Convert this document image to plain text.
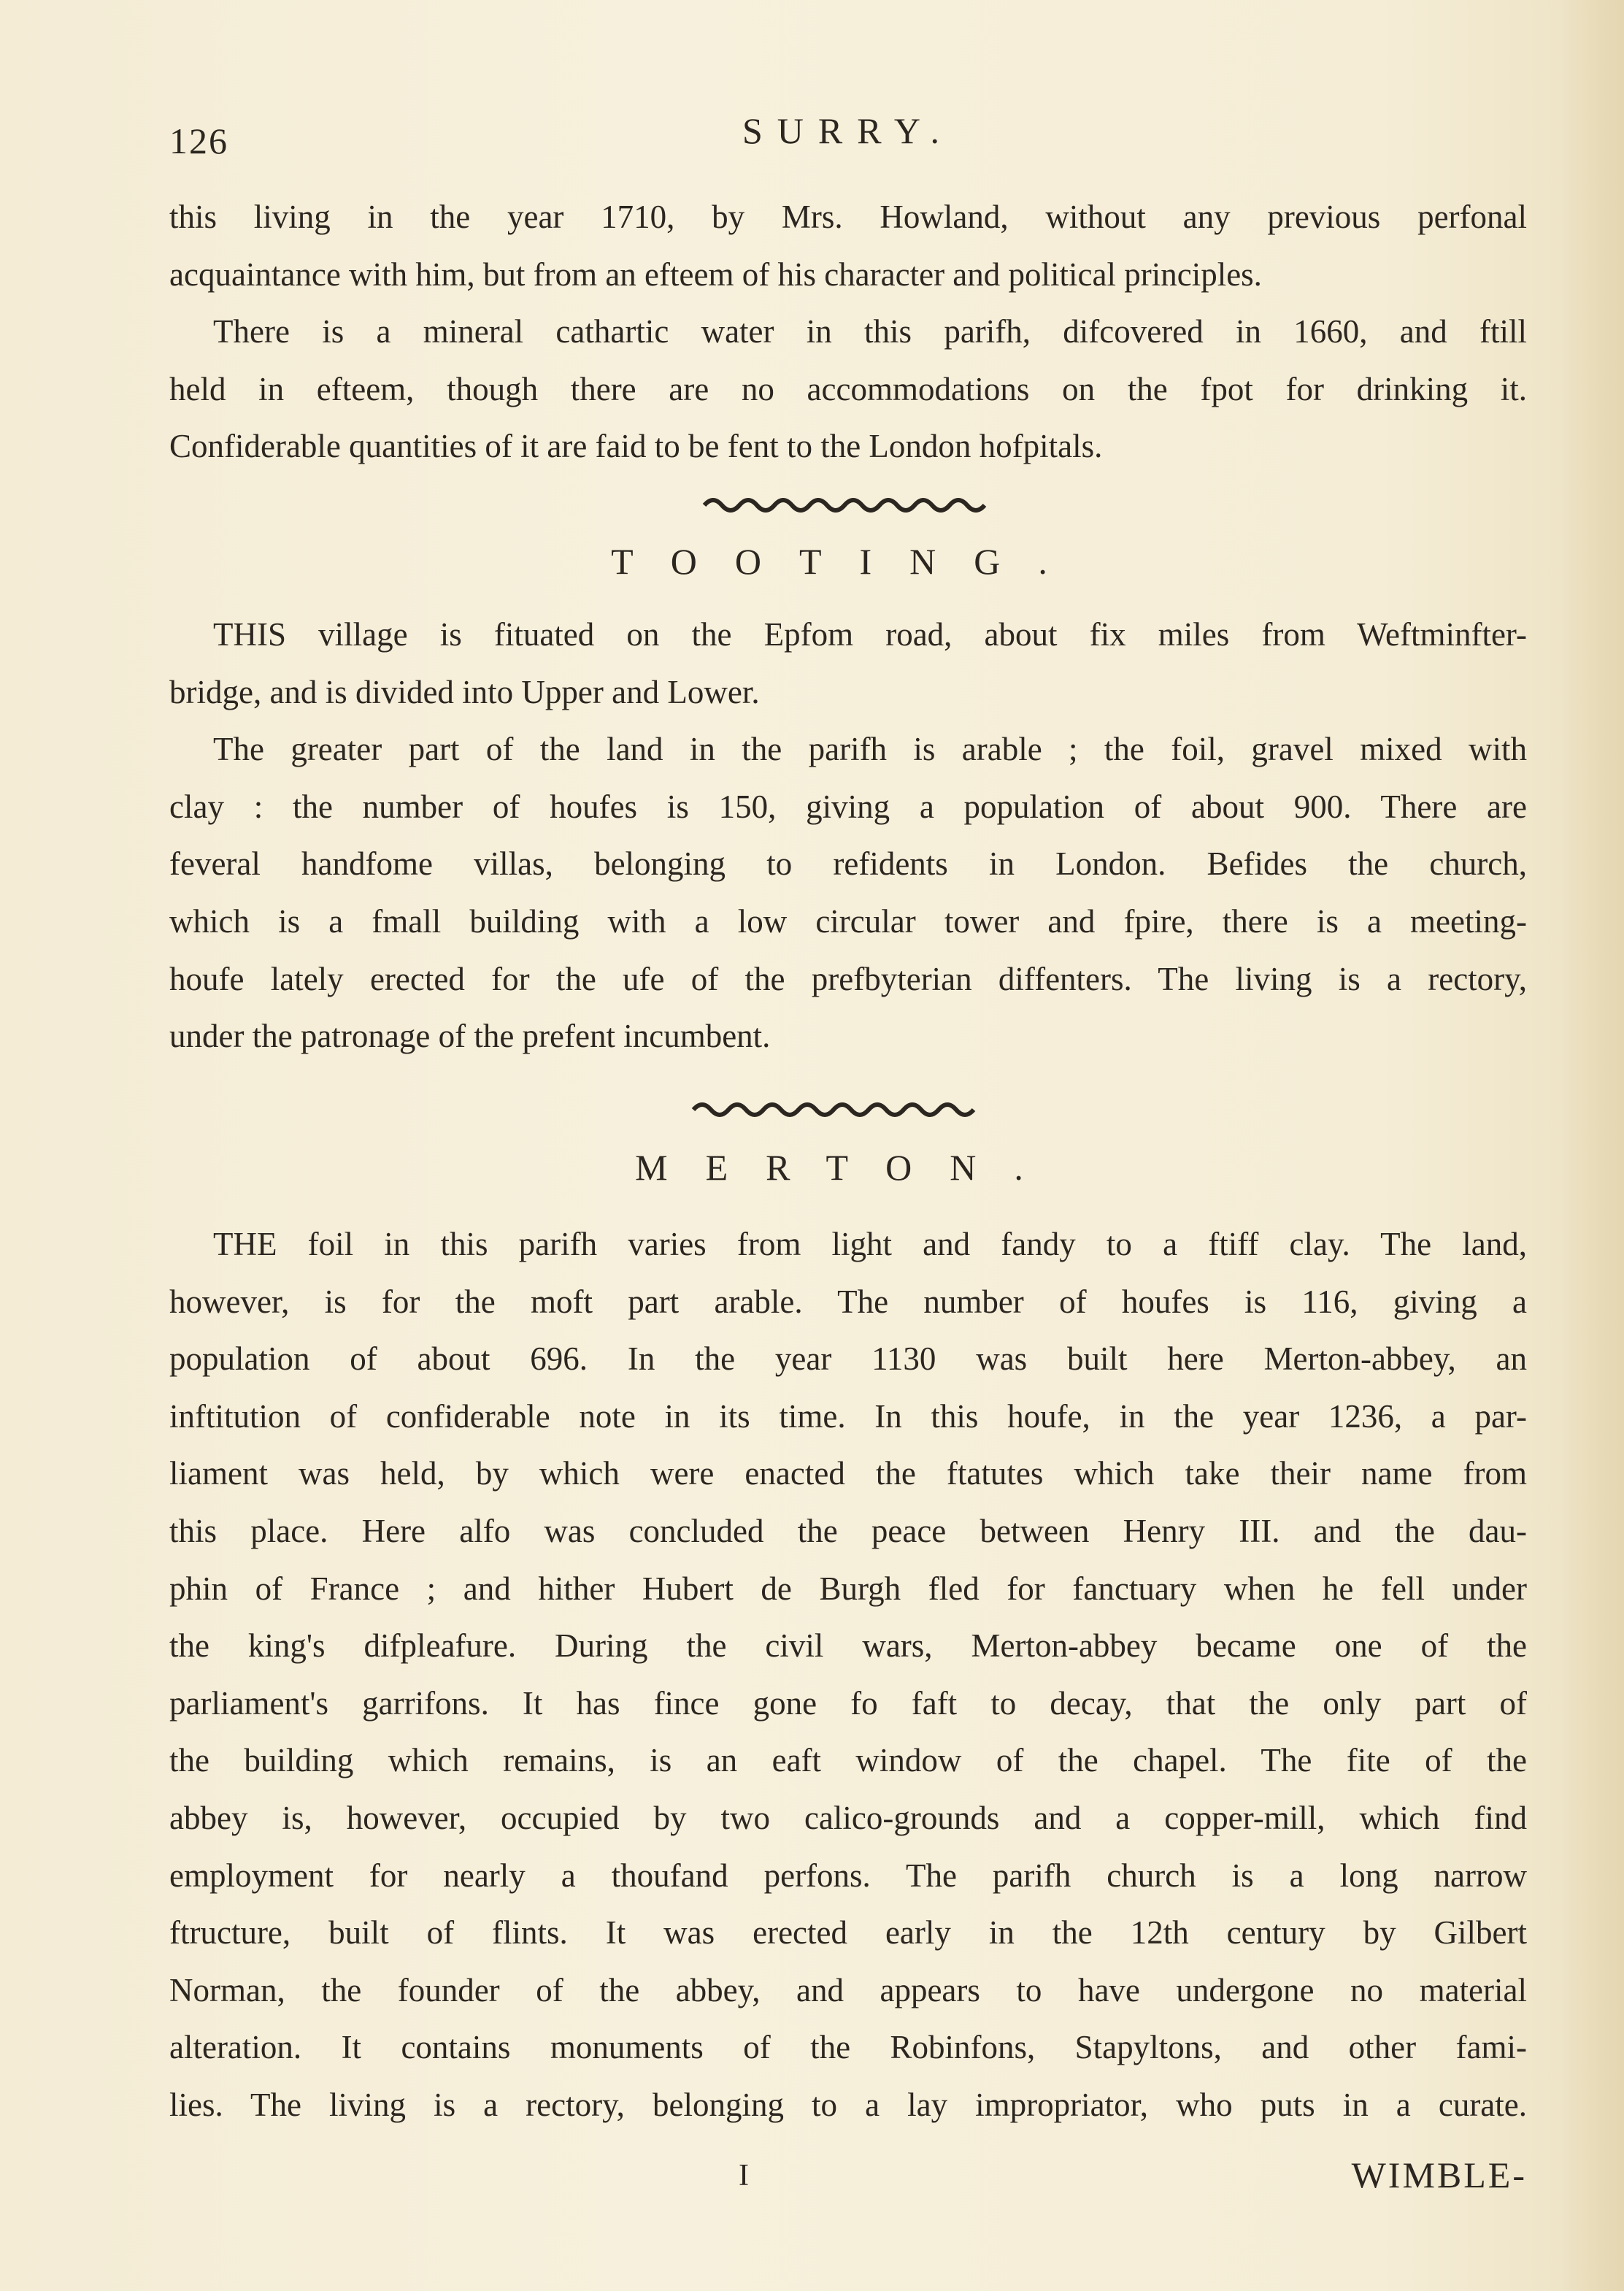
126	SURRY.

this living in the year 1710, by Mrs. Howland, without any previous perfonal

acquaintance with him, but from an efteem of his character and political principles.

There is a mineral cathartic water in this parifh, difcovered in 1660, and ftill

held in efteem, though there are no accommodations on the fpot for drinking it.

Confiderable quantities of it are faid to be fent to the London hofpitals.

TOOTING.

THIS village is fituated on the Epfom road, about fix miles from Weftminfter-

bridge, and is divided into Upper and Lower.

The greater part of the land in the parifh is arable ; the foil, gravel mixed with

clay : the number of houfes is 150, giving a population of about 900. There are

feveral handfome villas, belonging to refidents in London. Befides the church,

which is a fmall building with a low circular tower and fpire, there is a meeting-

houfe lately erected for the ufe of the prefbyterian diffenters. The living is a rectory,

under the patronage of the prefent incumbent.

MERTON.

THE foil in this parifh varies from light and fandy to a ftiff clay. The land,

however, is for the moft part arable. The number of houfes is 116, giving a

population of about 696. In the year 1130 was built here Merton-abbey, an

inftitution of confiderable note in its time. In this houfe, in the year 1236, a par-

liament was held, by which were enacted the ftatutes which take their name from

this place. Here alfo was concluded the peace between Henry III. and the dau-

phin of France ; and hither Hubert de Burgh fled for fanctuary when he fell under

the king's difpleafure. During the civil wars, Merton-abbey became one of the

parliament's garrifons. It has fince gone fo faft to decay, that the only part of

the building which remains, is an eaft window of the chapel. The fite of the

abbey is, however, occupied by two calico-grounds and a copper-mill, which find

employment for nearly a thoufand perfons. The parifh church is a long narrow

ftructure, built of flints. It was erected early in the 12th century by Gilbert

Norman, the founder of the abbey, and appears to have undergone no material

alteration. It contains monuments of the Robinfons, Stapyltons, and other fami-

lies. The living is a rectory, belonging to a lay impropriator, who puts in a curate.

I	WIMBLE-
